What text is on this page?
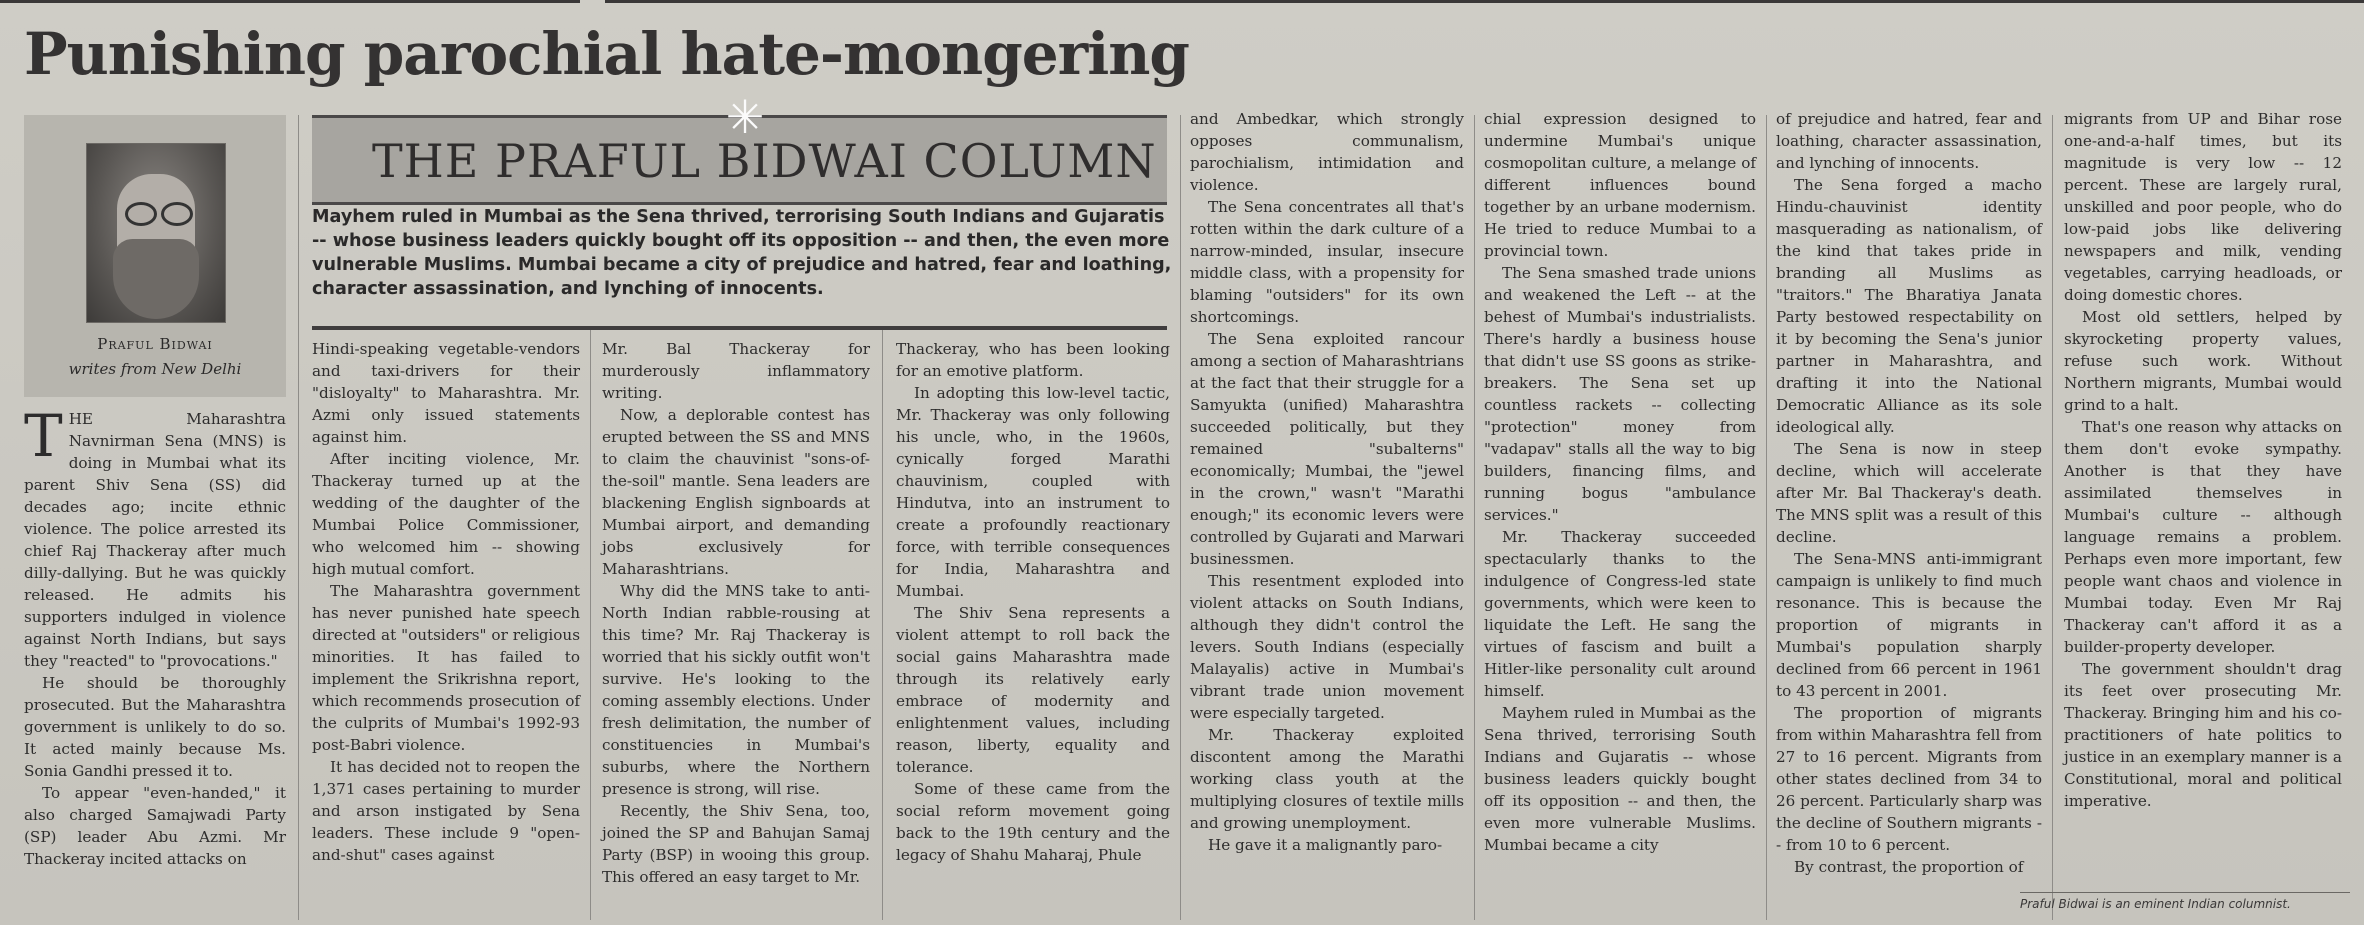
Punishing parochial hate-mongering
Praful Bidwai
writes from New Delhi
THE PRAFUL BIDWAI COLUMN
✳

Mayhem ruled in Mumbai as the Sena thrived, terrorising South Indians and Gujaratis -- whose business leaders quickly bought off its opposition -- and then, the even more vulnerable Muslims. Mumbai became a city of prejudice and hatred, fear and loathing, character assassination, and lynching of innocents.

THE Maharashtra Navnirman Sena (MNS) is doing in Mumbai what its parent Shiv Sena (SS) did decades ago; incite ethnic violence. The police arrested its chief Raj Thackeray after much dilly-dallying. But he was quickly released. He admits his supporters indulged in violence against North Indians, but says they "reacted" to "provocations."

He should be thoroughly prosecuted. But the Maharashtra government is unlikely to do so. It acted mainly because Ms. Sonia Gandhi pressed it to.

To appear "even-handed," it also charged Samajwadi Party (SP) leader Abu Azmi. Mr Thackeray incited attacks on

Hindi-speaking vegetable-vendors and taxi-drivers for their "disloyalty" to Maharashtra. Mr. Azmi only issued statements against him.

After inciting violence, Mr. Thackeray turned up at the wedding of the daughter of the Mumbai Police Commissioner, who welcomed him -- showing high mutual comfort.

The Maharashtra government has never punished hate speech directed at "outsiders" or religious minorities. It has failed to implement the Srikrishna report, which recommends prosecution of the culprits of Mumbai's 1992-93 post-Babri violence.

It has decided not to reopen the 1,371 cases pertaining to murder and arson instigated by Sena leaders. These include 9 "open-and-shut" cases against

Mr. Bal Thackeray for murderously inflammatory writing.

Now, a deplorable contest has erupted between the SS and MNS to claim the chauvinist "sons-of-the-soil" mantle. Sena leaders are blackening English signboards at Mumbai airport, and demanding jobs exclusively for Maharashtrians.

Why did the MNS take to anti-North Indian rabble-rousing at this time? Mr. Raj Thackeray is worried that his sickly outfit won't survive. He's looking to the coming assembly elections. Under fresh delimitation, the number of constituencies in Mumbai's suburbs, where the Northern presence is strong, will rise.

Recently, the Shiv Sena, too, joined the SP and Bahujan Samaj Party (BSP) in wooing this group. This offered an easy target to Mr.

Thackeray, who has been looking for an emotive platform.

In adopting this low-level tactic, Mr. Thackeray was only following his uncle, who, in the 1960s, cynically forged Marathi chauvinism, coupled with Hindutva, into an instrument to create a profoundly reactionary force, with terrible consequences for India, Maharashtra and Mumbai.

The Shiv Sena represents a violent attempt to roll back the social gains Maharashtra made through its relatively early embrace of modernity and enlightenment values, including reason, liberty, equality and tolerance.

Some of these came from the social reform movement going back to the 19th century and the legacy of Shahu Maharaj, Phule

and Ambedkar, which strongly opposes communalism, parochialism, intimidation and violence.

The Sena concentrates all that's rotten within the dark culture of a narrow-minded, insular, insecure middle class, with a propensity for blaming "outsiders" for its own shortcomings.

The Sena exploited rancour among a section of Maharashtrians at the fact that their struggle for a Samyukta (unified) Maharashtra succeeded politically, but they remained "subalterns" economically; Mumbai, the "jewel in the crown," wasn't "Marathi enough;" its economic levers were controlled by Gujarati and Marwari businessmen.

This resentment exploded into violent attacks on South Indians, although they didn't control the levers. South Indians (especially Malayalis) active in Mumbai's vibrant trade union movement were especially targeted.

Mr. Thackeray exploited discontent among the Marathi working class youth at the multiplying closures of textile mills and growing unemployment.

He gave it a malignantly paro-

chial expression designed to undermine Mumbai's unique cosmopolitan culture, a melange of different influences bound together by an urbane modernism. He tried to reduce Mumbai to a provincial town.

The Sena smashed trade unions and weakened the Left -- at the behest of Mumbai's industrialists. There's hardly a business house that didn't use SS goons as strike-breakers. The Sena set up countless rackets -- collecting "protection" money from "vadapav" stalls all the way to big builders, financing films, and running bogus "ambulance services."

Mr. Thackeray succeeded spectacularly thanks to the indulgence of Congress-led state governments, which were keen to liquidate the Left. He sang the virtues of fascism and built a Hitler-like personality cult around himself.

Mayhem ruled in Mumbai as the Sena thrived, terrorising South Indians and Gujaratis -- whose business leaders quickly bought off its opposition -- and then, the even more vulnerable Muslims. Mumbai became a city

of prejudice and hatred, fear and loathing, character assassination, and lynching of innocents.

The Sena forged a macho Hindu-chauvinist identity masquerading as nationalism, of the kind that takes pride in branding all Muslims as "traitors." The Bharatiya Janata Party bestowed respectability on it by becoming the Sena's junior partner in Maharashtra, and drafting it into the National Democratic Alliance as its sole ideological ally.

The Sena is now in steep decline, which will accelerate after Mr. Bal Thackeray's death. The MNS split was a result of this decline.

The Sena-MNS anti-immigrant campaign is unlikely to find much resonance. This is because the proportion of migrants in Mumbai's population sharply declined from 66 percent in 1961 to 43 percent in 2001.

The proportion of migrants from within Maharashtra fell from 27 to 16 percent. Migrants from other states declined from 34 to 26 percent. Particularly sharp was the decline of Southern migrants -- from 10 to 6 percent.

By contrast, the proportion of

migrants from UP and Bihar rose one-and-a-half times, but its magnitude is very low -- 12 percent. These are largely rural, unskilled and poor people, who do low-paid jobs like delivering newspapers and milk, vending vegetables, carrying headloads, or doing domestic chores.

Most old settlers, helped by skyrocketing property values, refuse such work. Without Northern migrants, Mumbai would grind to a halt.

That's one reason why attacks on them don't evoke sympathy. Another is that they have assimilated themselves in Mumbai's culture -- although language remains a problem. Perhaps even more important, few people want chaos and violence in Mumbai today. Even Mr Raj Thackeray can't afford it as a builder-property developer.

The government shouldn't drag its feet over prosecuting Mr. Thackeray. Bringing him and his co-practitioners of hate politics to justice in an exemplary manner is a Constitutional, moral and political imperative.

Praful Bidwai is an eminent Indian columnist.
